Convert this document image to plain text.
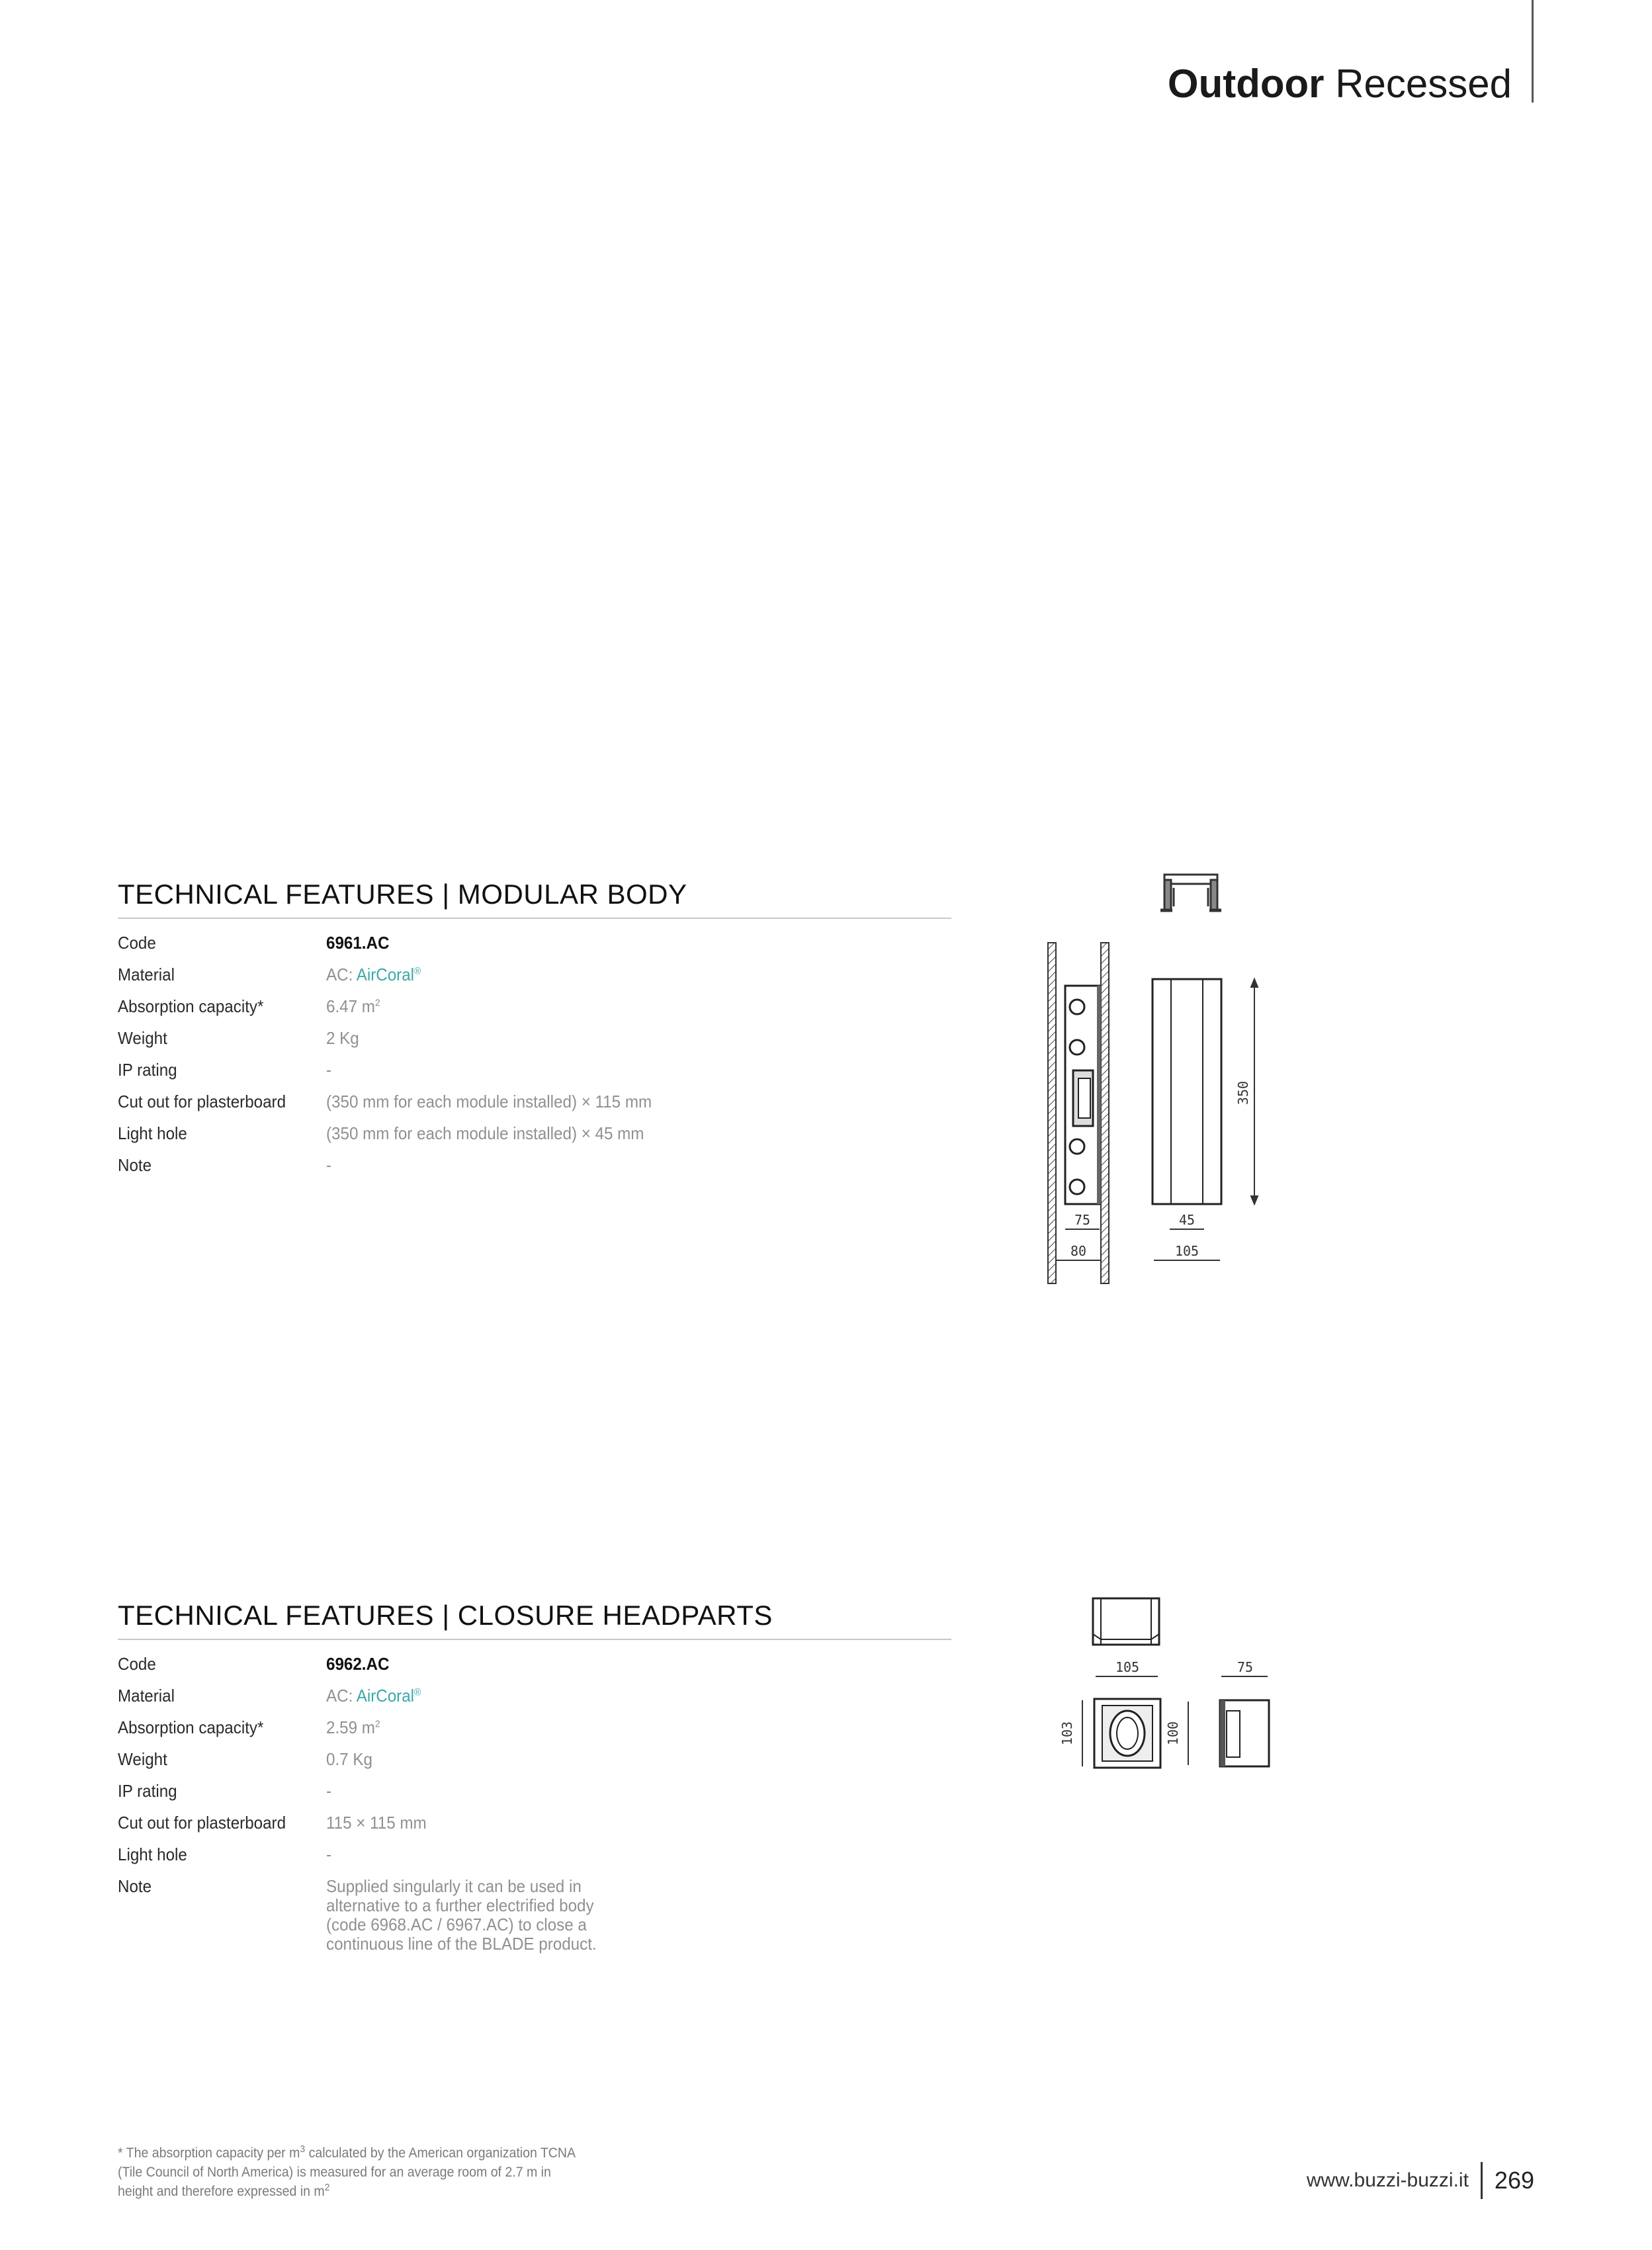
Outdoor Recessed
TECHNICAL FEATURES | MODULAR BODY
Code	6961.AC
Material	AC: AirCoral®
Absorption capacity*	6.47 $m^2$
Weight	2 Kg
IP rating	-
Cut out for plasterboard	(350 mm for each module installed) × 115 mm
Light hole	(350 mm for each module installed) × 45 mm
Note	-
350
75
80
45
105
TECHNICAL FEATURES | CLOSURE HEADPARTS
Code	6962.AC
Material	AC: AirCoral®
Absorption capacity*	2.59 $m^2$
Weight	0.7 Kg
IP rating	-
Cut out for plasterboard	115 × 115 mm
Light hole	-
Note	Supplied singularly it can be used in
alternative to a further electrified body
(code 6968.AC / 6967.AC) to close a
continuous line of the BLADE product.
105	75
103	100
* The absorption capacity per $m^3$ calculated by the American organization TCNA
(Tile Council of North America) is measured for an average room of 2.7 m in
height and therefore expressed in $m^2$	www.buzzi-buzzi.it	269
